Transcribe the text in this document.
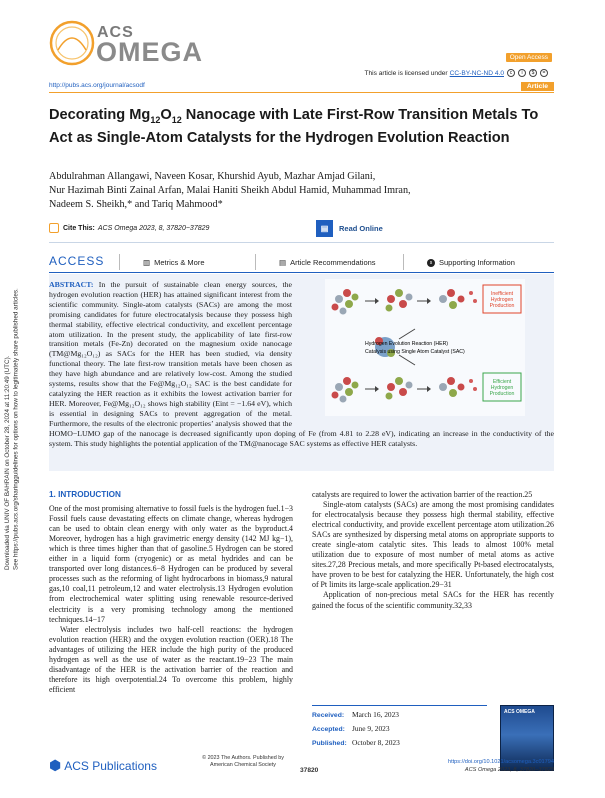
Downloaded via UNIV OF BAHRAIN on October 28, 2024 at 11:20:49 (UTC). See https://pubs.acs.org/sharingguidelines for options on how to legitimately share published articles.
ACS
OMEGA	Open Access
This article is licensed under CC-BY-NC-ND 4.0	c	i	$	=
http://pubs.acs.org/journal/acsodf	Article
Decorating $Mg_{12}O_{12}$ Nanocage with Late First-Row Transition Metals To Act as Single-Atom Catalysts for the Hydrogen Evolution Reaction
Abdulrahman Allangawi, Naveen Kosar, Khurshid Ayub, Mazhar Amjad Gilani,
Nur Hazimah Binti Zainal Arfan, Malai Haniti Sheikh Abdul Hamid, Muhammad Imran,
Nadeem S. Sheikh,* and Tariq Mahmood*
Cite This: ACS Omega 2023, 8, 37820−37829	▤	Read Online
ACCESS	▥ Metrics & More	▤ Article Recommendations	s Supporting Information
ABSTRACT: In the pursuit of sustainable clean energy sources, the hydrogen evolution reaction (HER) has attained significant interest from the scientific community. Single-atom catalysts (SACs) are among the most promising candidates for future electrocatalysis because they possess high thermal stability, effective electrical conductivity, and excellent percentage atom utilization. In the present study, the applicability of late first-row transition metals (Fe-Zn) decorated on the magnesium oxide nanocage (TM@Mg₁₂O₁₂) as SACs for the HER has been studied, via density functional theory. The late first-row transition metals have been chosen as they have high abundance and are relatively low-cost. Among the studied systems, results show that the Fe@Mg₁₂O₁₂ SAC is the best candidate for catalyzing the HER reaction as it exhibits the lowest activation barrier for HER. Moreover, Fe@Mg₁₂O₁₂ shows high stability (Eint = −1.64 eV), which is essential in designing SACs to prevent aggregation of the metal. Furthermore, the results of the electronic properties’ analysis showed that the HOMO−LUMO gap of the nanocage is decreased significantly upon doping of Fe (from 4.81 to 2.28 eV), indicating an increase in the conductivity of the system. This study highlights the potential application of the TM@nanocage SAC systems as effective HER catalysts.
Inefficient Hydrogen Production
Hydrogen Evolution Reaction (HER)
Catalysis using Single Atom Catalyst (SAC)
Efficient Hydrogen Production
1. INTRODUCTION

One of the most promising alternative to fossil fuels is the hydrogen fuel.1−3 Fossil fuels cause devastating effects on climate change, whereas hydrogen can be used to obtain clean energy with only water as the byproduct.4 Moreover, hydrogen has a high gravimetric energy density (142 MJ kg−1), which is three times higher than that of gasoline.5 Hydrogen can be stored either in a liquid form (cryogenic) or as metal hydrides and can be transported over long distances.6−8 Hydrogen can be produced by several processes such as the reforming of light hydrocarbons in biomass,9 natural gas,10 coal,11 petroleum,12 and water electrolysis.13 Hydrogen evolution from electrochemical water splitting using renewable resource-derived electricity is a very promising technology among the mentioned techniques.14−17

Water electrolysis includes two half-cell reactions: the hydrogen evolution reaction (HER) and the oxygen evolution reaction (OER).18 The advantages of utilizing the HER include the high purity of the produced hydrogen as well as the use of water as the reactant.19−23 The main disadvantage of the HER is the activation barrier of the reaction and therefore its high overpotential.24 To overcome this problem, highly efficient

catalysts are required to lower the activation barrier of the reaction.25

Single-atom catalysts (SACs) are among the most promising candidates for electrocatalysis because they possess high thermal stability, effective electrical conductivity, and provide excellent percentage atom utilization.26 SACs are synthesized by dispersing metal atoms on appropriate supports to create single-atom catalytic sites. This leads to almost 100% metal utilization due to exposure of most number of metal atoms as active sites.27,28 Precious metals, and more specifically Pt-based electrocatalysts, have proven to be best for catalyzing the HER. Unfortunately, the high cost of Pt limits its large-scale application.29−31

Application of non-precious metal SACs for the HER has recently gained the focus of the scientific community.32,33

Received: March 16, 2023
Accepted: June 9, 2023
Published: October 8, 2023
ACS OMEGA
⬢ ACS Publications
© 2023 The Authors. Published by
American Chemical Society
37820
https://doi.org/10.1021/acsomega.3c01794
ACS Omega 2023, 8, 37820−37829
